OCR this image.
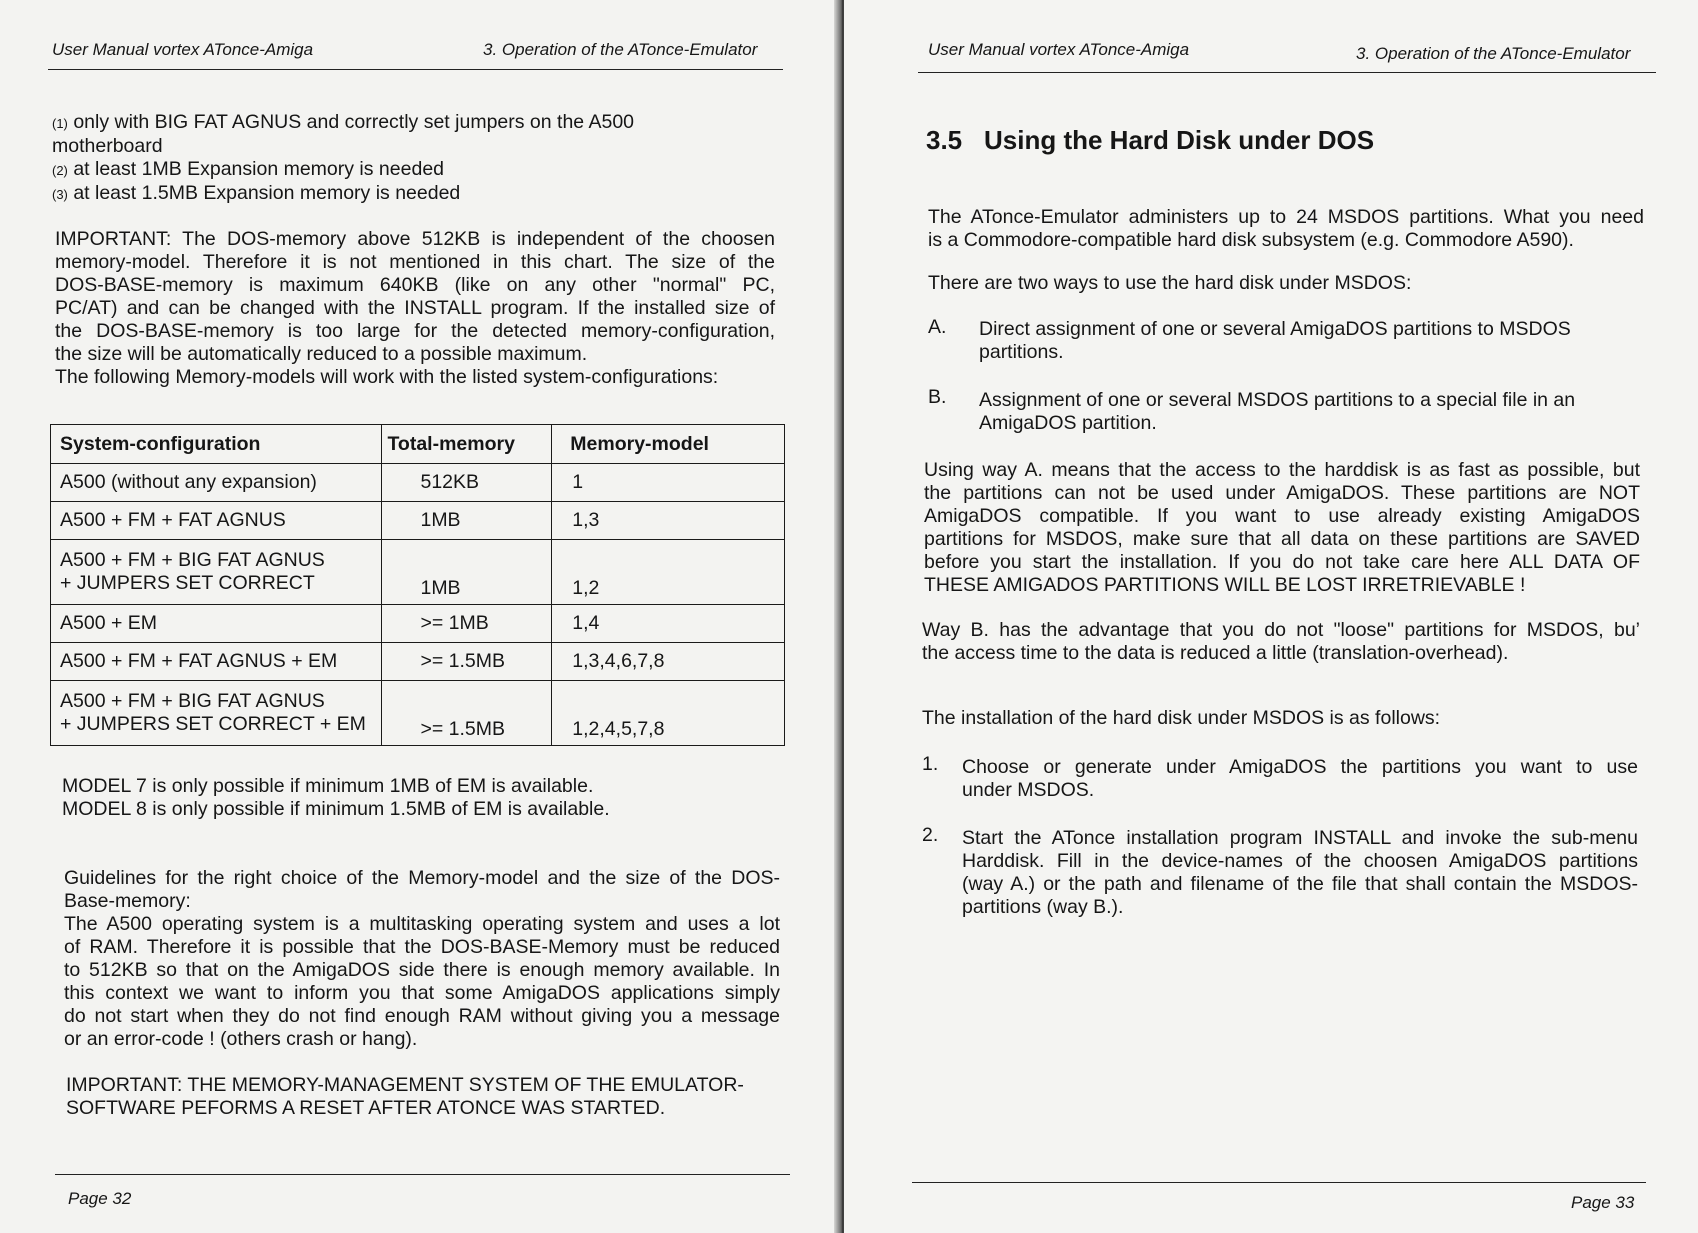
User Manual vortex ATonce-Amiga	3. Operation of the ATonce-Emulator
(1) only with BIG FAT AGNUS and correctly set jumpers on the A500
motherboard
(2) at least 1MB Expansion memory is needed
(3) at least 1.5MB Expansion memory is needed
IMPORTANT: The DOS-memory above 512KB is independent of the choosen
memory-model. Therefore it is not mentioned in this chart. The size of the
DOS-BASE-memory is maximum 640KB (like on any other "normal" PC,
PC/AT) and can be changed with the INSTALL program. If the installed size of
the DOS-BASE-memory is too large for the detected memory-configuration,
the size will be automatically reduced to a possible maximum.
The following Memory-models will work with the listed system-configurations:
System-configuration	Total-memory	Memory-model
A500 (without any expansion)	512KB	1
A500 + FM + FAT AGNUS	1MB	1,3

A500 + FM + BIG FAT AGNUS
+ JUMPERS SET CORRECT	1MB	1,2
A500 + EM	>= 1MB	1,4
A500 + FM + FAT AGNUS + EM	>= 1.5MB	1,3,4,6,7,8

A500 + FM + BIG FAT AGNUS
+ JUMPERS SET CORRECT + EM	>= 1.5MB	1,2,4,5,7,8
MODEL 7 is only possible if minimum 1MB of EM is available.
MODEL 8 is only possible if minimum 1.5MB of EM is available.
Guidelines for the right choice of the Memory-model and the size of the DOS-
Base-memory:
The A500 operating system is a multitasking operating system and uses a lot
of RAM. Therefore it is possible that the DOS-BASE-Memory must be reduced
to 512KB so that on the AmigaDOS side there is enough memory available. In
this context we want to inform you that some AmigaDOS applications simply
do not start when they do not find enough RAM without giving you a message
or an error-code ! (others crash or hang).
IMPORTANT: THE MEMORY-MANAGEMENT SYSTEM OF THE EMULATOR-
SOFTWARE PEFORMS A RESET AFTER ATONCE WAS STARTED.
Page 32
User Manual vortex ATonce-Amiga	3. Operation of the ATonce-Emulator
3.5 Using the Hard Disk under DOS
The ATonce-Emulator administers up to 24 MSDOS partitions. What you need
is a Commodore-compatible hard disk subsystem (e.g. Commodore A590).
There are two ways to use the hard disk under MSDOS:
A. Direct assignment of one or several AmigaDOS partitions to MSDOS
partitions.
B. Assignment of one or several MSDOS partitions to a special file in an
AmigaDOS partition.
Using way A. means that the access to the harddisk is as fast as possible, but
the partitions can not be used under AmigaDOS. These partitions are NOT
AmigaDOS compatible. If you want to use already existing AmigaDOS
partitions for MSDOS, make sure that all data on these partitions are SAVED
before you start the installation. If you do not take care here ALL DATA OF
THESE AMIGADOS PARTITIONS WILL BE LOST IRRETRIEVABLE !
Way B. has the advantage that you do not "loose" partitions for MSDOS, bu’
the access time to the data is reduced a little (translation-overhead).
The installation of the hard disk under MSDOS is as follows:
1. Choose or generate under AmigaDOS the partitions you want to use
under MSDOS.
2. Start the ATonce installation program INSTALL and invoke the sub-menu
Harddisk. Fill in the device-names of the choosen AmigaDOS partitions
(way A.) or the path and filename of the file that shall contain the MSDOS-
partitions (way B.).
Page 33
